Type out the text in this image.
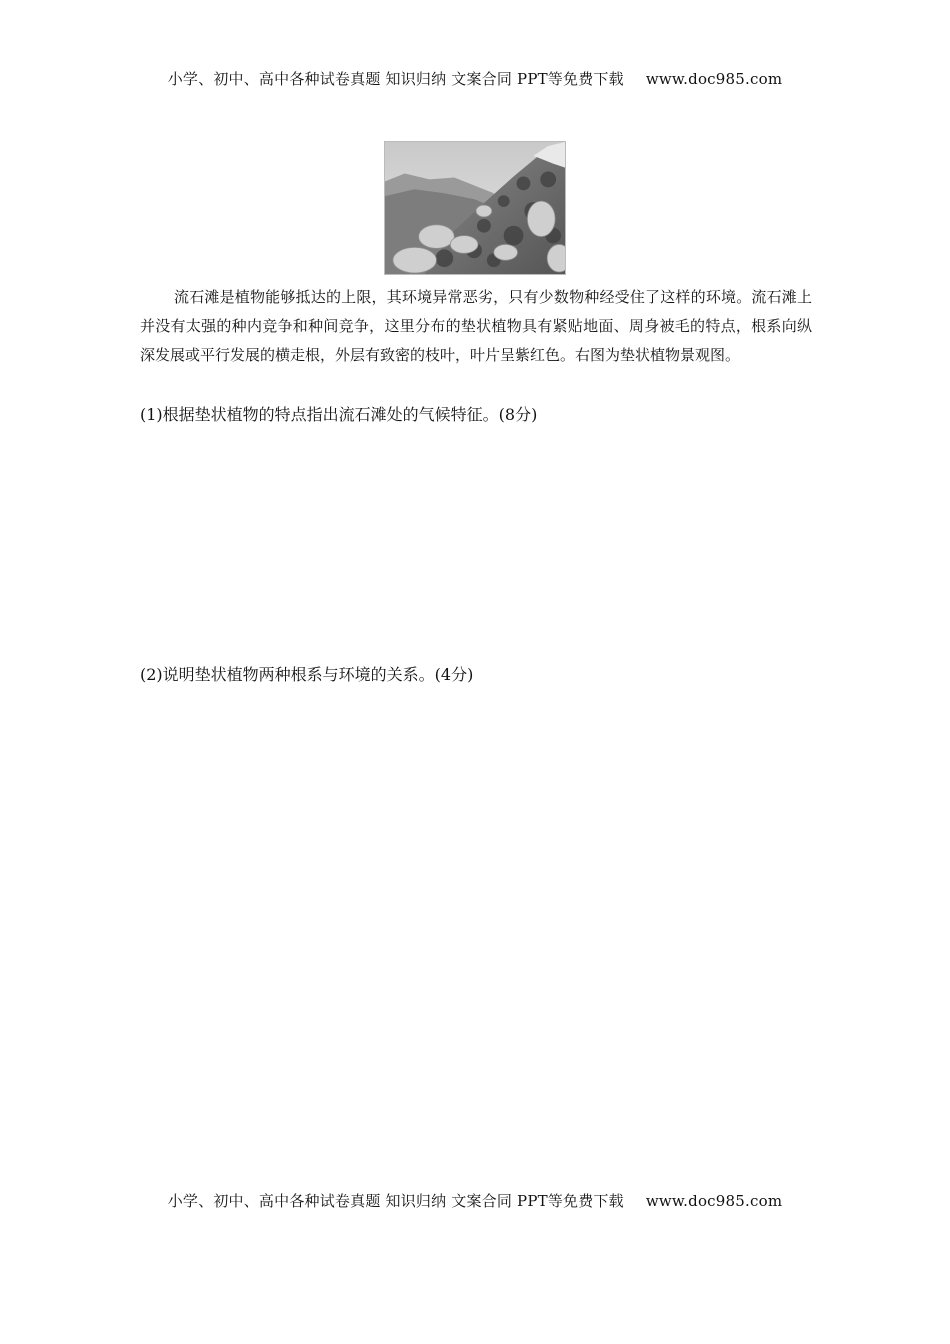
小学、初中、高中各种试卷真题 知识归纳 文案合同 PPT等免费下载 www.doc985.com

流石滩是植物能够抵达的上限，其环境异常恶劣，只有少数物种经受住了这样的环境。流石滩上并没有太强的种内竞争和种间竞争，这里分布的垫状植物具有紧贴地面、周身被毛的特点，根系向纵深发展或平行发展的横走根，外层有致密的枝叶，叶片呈紫红色。右图为垫状植物景观图。

(1)根据垫状植物的特点指出流石滩处的气候特征。(8分)
(2)说明垫状植物两种根系与环境的关系。(4分)
小学、初中、高中各种试卷真题 知识归纳 文案合同 PPT等免费下载 www.doc985.com
